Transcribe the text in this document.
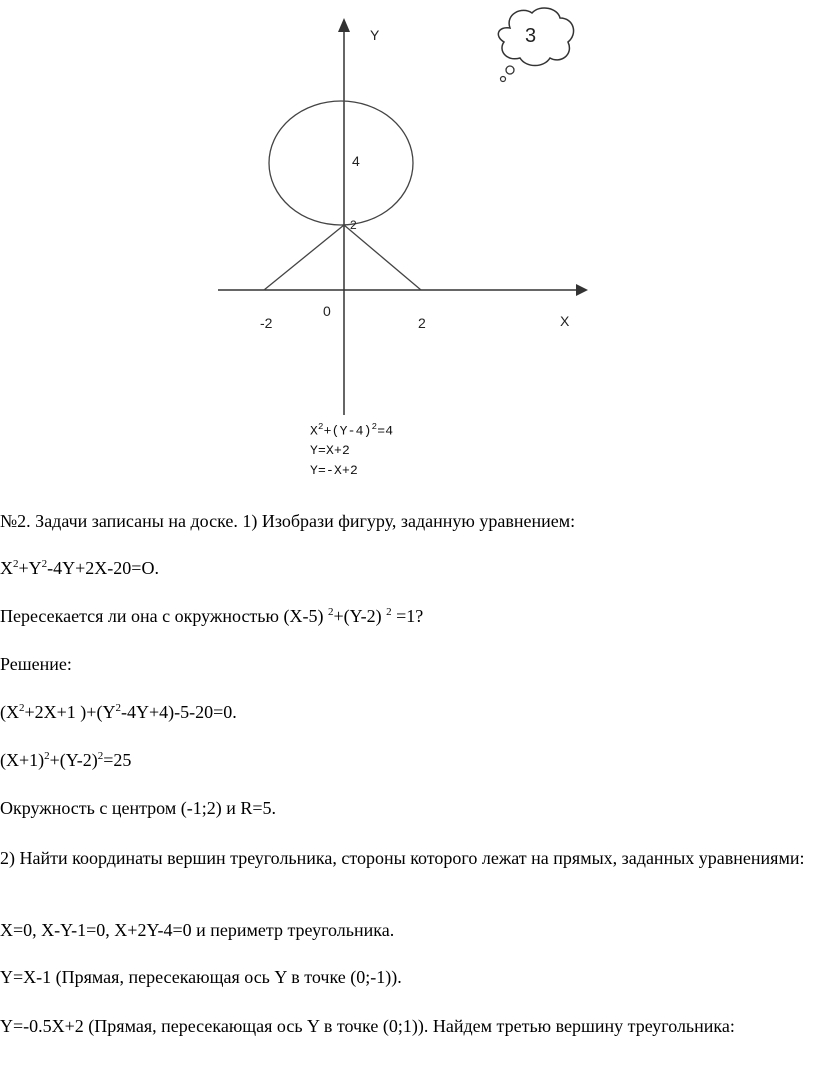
Y
X
4
2
-2
0
2
3
$X^2+(Y-4)^2=4$
Y=X+2
Y=-X+2

№2. Задачи записаны на доске. 1) Изобрази фигуру, заданную уравнением:

$X^2+Y^2-4Y+2X-20=O$.

Пересекается ли она с окружностью (X-5) $^2$+(Y-2) $^2$ =1?

Решение:

($X^2+2X+1$ )$+(Y^2-4Y+4)-5-20=0$.

$(X+1)^2+(Y-2)^2=25$

Окружность с центром (-1;2) и R=5.

2) Найти координаты вершин треугольника, стороны которого лежат на прямых, заданных уравнениями:

X=0, X-Y-1=0, X+2Y-4=0 и периметр треугольника.

Y=X-1 (Прямая, пересекающая ось Y в точке (0;-1)).

Y=-0.5X+2 (Прямая, пересекающая ось Y в точке (0;1)). Найдем третью вершину треугольника:
